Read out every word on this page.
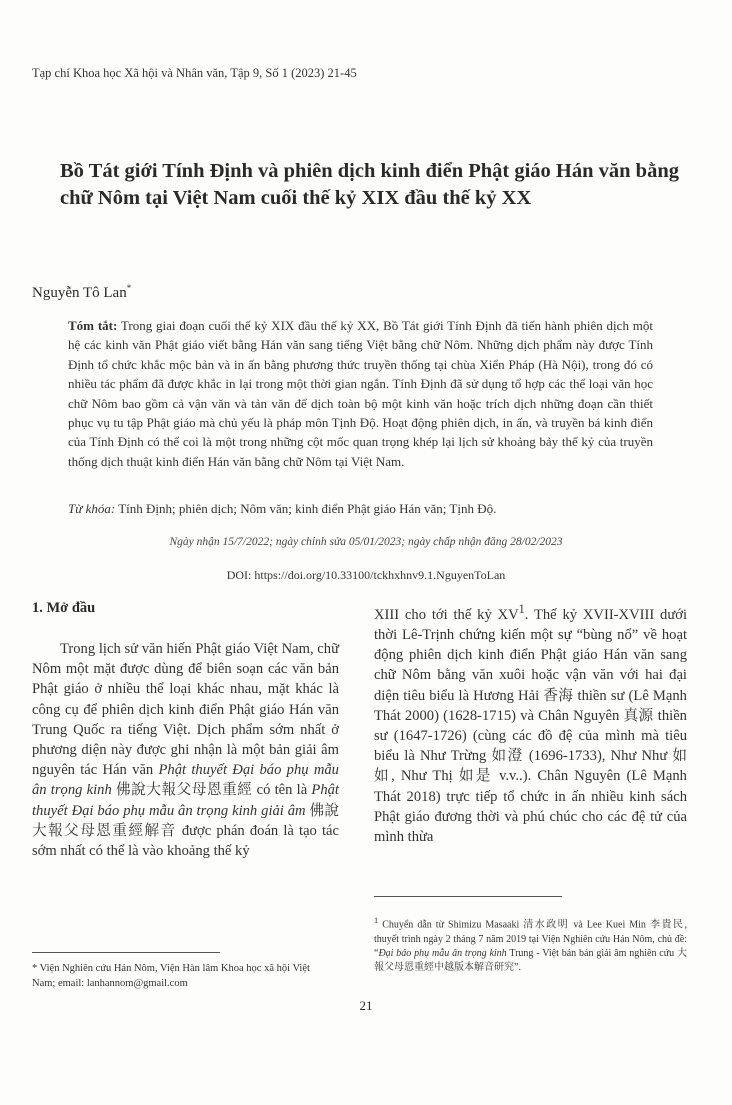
Tạp chí Khoa học Xã hội và Nhân văn, Tập 9, Số 1 (2023) 21-45
Bồ Tát giới Tính Định và phiên dịch kinh điển Phật giáo Hán văn bằng chữ Nôm tại Việt Nam cuối thế kỷ XIX đầu thế kỷ XX
Nguyễn Tô Lan*
Tóm tắt: Trong giai đoạn cuối thế kỷ XIX đầu thế kỷ XX, Bồ Tát giới Tính Định đã tiến hành phiên dịch một hệ các kinh văn Phật giáo viết bằng Hán văn sang tiếng Việt bằng chữ Nôm. Những dịch phẩm này được Tính Định tổ chức khắc mộc bản và in ấn bằng phương thức truyền thống tại chùa Xiển Pháp (Hà Nội), trong đó có nhiều tác phẩm đã được khắc in lại trong một thời gian ngắn. Tính Định đã sử dụng tổ hợp các thể loại văn học chữ Nôm bao gồm cả vận văn và tản văn để dịch toàn bộ một kinh văn hoặc trích dịch những đoạn cần thiết phục vụ tu tập Phật giáo mà chủ yếu là pháp môn Tịnh Độ. Hoạt động phiên dịch, in ấn, và truyền bá kinh điển của Tính Định có thể coi là một trong những cột mốc quan trọng khép lại lịch sử khoảng bảy thế kỷ của truyền thống dịch thuật kinh điển Hán văn bằng chữ Nôm tại Việt Nam.
Từ khóa: Tính Định; phiên dịch; Nôm văn; kinh điển Phật giáo Hán văn; Tịnh Độ.
Ngày nhận 15/7/2022; ngày chỉnh sửa 05/01/2023; ngày chấp nhận đăng 28/02/2023
DOI: https://doi.org/10.33100/tckhxhnv9.1.NguyenToLan
1. Mở đầu
Trong lịch sử văn hiến Phật giáo Việt Nam, chữ Nôm một mặt được dùng để biên soạn các văn bản Phật giáo ở nhiều thể loại khác nhau, mặt khác là công cụ để phiên dịch kinh điển Phật giáo Hán văn Trung Quốc ra tiếng Việt. Dịch phẩm sớm nhất ở phương diện này được ghi nhận là một bản giải âm nguyên tác Hán văn Phật thuyết Đại báo phụ mẫu ân trọng kinh 佛說大報父母恩重經 có tên là Phật thuyết Đại báo phụ mẫu ân trọng kinh giải âm 佛說大報父母恩重經解音 được phán đoán là tạo tác sớm nhất có thể là vào khoảng thế kỷ
XIII cho tới thế kỷ $XV^1$. Thế kỷ XVII-XVIII dưới thời Lê-Trịnh chứng kiến một sự “bùng nổ” về hoạt động phiên dịch kinh điển Phật giáo Hán văn sang chữ Nôm bằng văn xuôi hoặc vận văn với hai đại diện tiêu biểu là Hương Hải 香海 thiền sư (Lê Mạnh Thát 2000) (1628-1715) và Chân Nguyên 真源 thiền sư (1647-1726) (cùng các đồ đệ của mình mà tiêu biểu là Như Trừng 如澄 (1696-1733), Như Như 如如, Như Thị 如是 v.v..). Chân Nguyên (Lê Mạnh Thát 2018) trực tiếp tổ chức in ấn nhiều kinh sách Phật giáo đương thời và phú chúc cho các đệ tử của mình thừa
$^1$ Chuyển dẫn từ Shimizu Masaaki 清水政明 và Lee Kuei Min 李貴民, thuyết trình ngày 2 tháng 7 năm 2019 tại Viện Nghiên cứu Hán Nôm, chủ đề: “Đại báo phụ mẫu ân trọng kinh Trung - Việt bản bản giải âm nghiên cứu 大報父母恩重經中越版本解音研究”.
* Viện Nghiên cứu Hán Nôm, Viện Hàn lâm Khoa học xã hội Việt Nam; email: lanhannom@gmail.com
21
